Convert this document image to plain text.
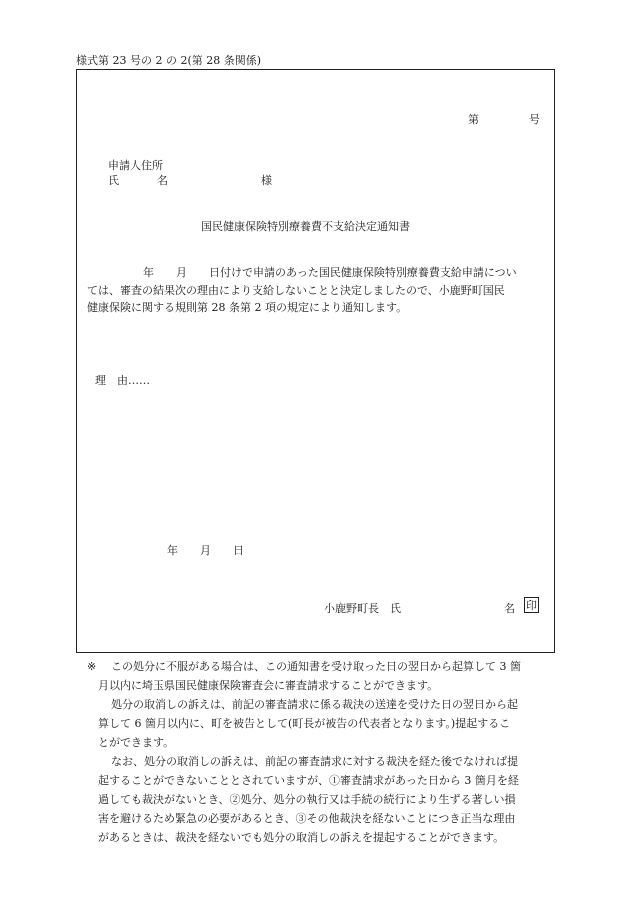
様式第 23 号の 2 の 2(第 28 条関係)
第	号
申請人住所
氏	名	様
国民健康保険特別療養費不支給決定通知書
年　　月　　日付けで申請のあった国民健康保険特別療養費支給申請につい
ては、審査の結果次の理由により支給しないことと決定しましたので、小鹿野町国民
健康保険に関する規則第 28 条第 2 項の規定により通知します。
理　由……
年　　月　　日
小鹿野町長　氏	名 印
※ この処分に不服がある場合は、この通知書を受け取った日の翌日から起算して 3 箇
月以内に埼玉県国民健康保険審査会に審査請求することができます。

処分の取消しの訴えは、前記の審査請求に係る裁決の送達を受けた日の翌日から起
算して 6 箇月以内に、町を被告として(町長が被告の代表者となります。)提起するこ
とができます。

なお、処分の取消しの訴えは、前記の審査請求に対する裁決を経た後でなければ提
起することができないこととされていますが、①審査請求があった日から 3 箇月を経
過しても裁決がないとき、②処分、処分の執行又は手続の続行により生ずる著しい損
害を避けるため緊急の必要があるとき、③その他裁決を経ないことにつき正当な理由
があるときは、裁決を経ないでも処分の取消しの訴えを提起することができます。
